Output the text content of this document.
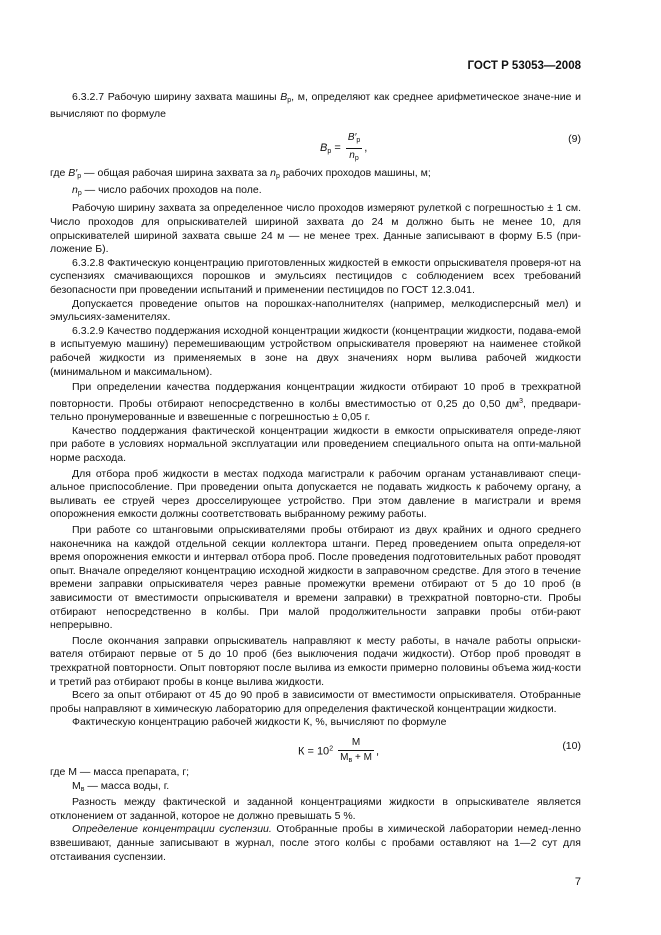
ГОСТ Р 53053—2008

6.3.2.7 Рабочую ширину захвата машины $B_р$, м, определяют как среднее арифметическое значе-ние и вычисляют по формуле

$B_р = \frac{B'_р}{n_р}$ ,
(9)

где $B'_р$ — общая рабочая ширина захвата за $n_р$ рабочих проходов машины, м;

$n_р$ — число рабочих проходов на поле.

Рабочую ширину захвата за определенное число проходов измеряют рулеткой с погрешностью ± 1 см. Число проходов для опрыскивателей шириной захвата до 24 м должно быть не менее 10, для опрыскивателей шириной захвата свыше 24 м — не менее трех. Данные записывают в форму Б.5 (при-ложение Б).

6.3.2.8 Фактическую концентрацию приготовленных жидкостей в емкости опрыскивателя проверя-ют на суспензиях смачивающихся порошков и эмульсиях пестицидов с соблюдением всех требований безопасности при проведении испытаний и применении пестицидов по ГОСТ 12.3.041.

Допускается проведение опытов на порошках-наполнителях (например, мелкодисперсный мел) и эмульсиях-заменителях.

6.3.2.9 Качество поддержания исходной концентрации жидкости (концентрации жидкости, подава-емой в испытуемую машину) перемешивающим устройством опрыскивателя проверяют на наименее стойкой рабочей жидкости из применяемых в зоне на двух значениях норм вылива рабочей жидкости (минимальном и максимальном).

При определении качества поддержания концентрации жидкости отбирают 10 проб в трехкратной повторности. Пробы отбирают непосредственно в колбы вместимостью от 0,25 до 0,50 $дм^3$, предвари-тельно пронумерованные и взвешенные с погрешностью ± 0,05 г.

Качество поддержания фактической концентрации жидкости в емкости опрыскивателя опреде-ляют при работе в условиях нормальной эксплуатации или проведением специального опыта на опти-мальной норме расхода.

Для отбора проб жидкости в местах подхода магистрали к рабочим органам устанавливают специ-альное приспособление. При проведении опыта допускается не подавать жидкость к рабочему органу, а выливать ее струей через дросселирующее устройство. При этом давление в магистрали и время опорожнения емкости должны соответствовать выбранному режиму работы.

При работе со штанговыми опрыскивателями пробы отбирают из двух крайних и одного среднего наконечника на каждой отдельной секции коллектора штанги. Перед проведением опыта определя-ют время опорожнения емкости и интервал отбора проб. После проведения подготовительных работ проводят опыт. Вначале определяют концентрацию исходной жидкости в заправочном средстве. Для этого в течение времени заправки опрыскивателя через равные промежутки времени отбирают от 5 до 10 проб (в зависимости от вместимости опрыскивателя и времени заправки) в трехкратной повторно-сти. Пробы отбирают непосредственно в колбы. При малой продолжительности заправки пробы отби-рают непрерывно.

После окончания заправки опрыскиватель направляют к месту работы, в начале работы опрыски-вателя отбирают первые от 5 до 10 проб (без выключения подачи жидкости). Отбор проб проводят в трехкратной повторности. Опыт повторяют после вылива из емкости примерно половины объема жид-кости и третий раз отбирают пробы в конце вылива жидкости.

Всего за опыт отбирают от 45 до 90 проб в зависимости от вместимости опрыскивателя. Отобранные пробы направляют в химическую лабораторию для определения фактической концентрации жидкости.

Фактическую концентрацию рабочей жидкости К, %, вычисляют по формуле

$К = 10^2 \frac{М}{М_в + М}$ ,	(10)

где М — масса препарата, г;

$М_в$ — масса воды, г.

Разность между фактической и заданной концентрациями жидкости в опрыскивателе является отклонением от заданной, которое не должно превышать 5 %.

Определение концентрации суспензии. Отобранные пробы в химической лаборатории немед-ленно взвешивают, данные записывают в журнал, после этого колбы с пробами оставляют на 1—2 сут для отстаивания суспензии.

7
